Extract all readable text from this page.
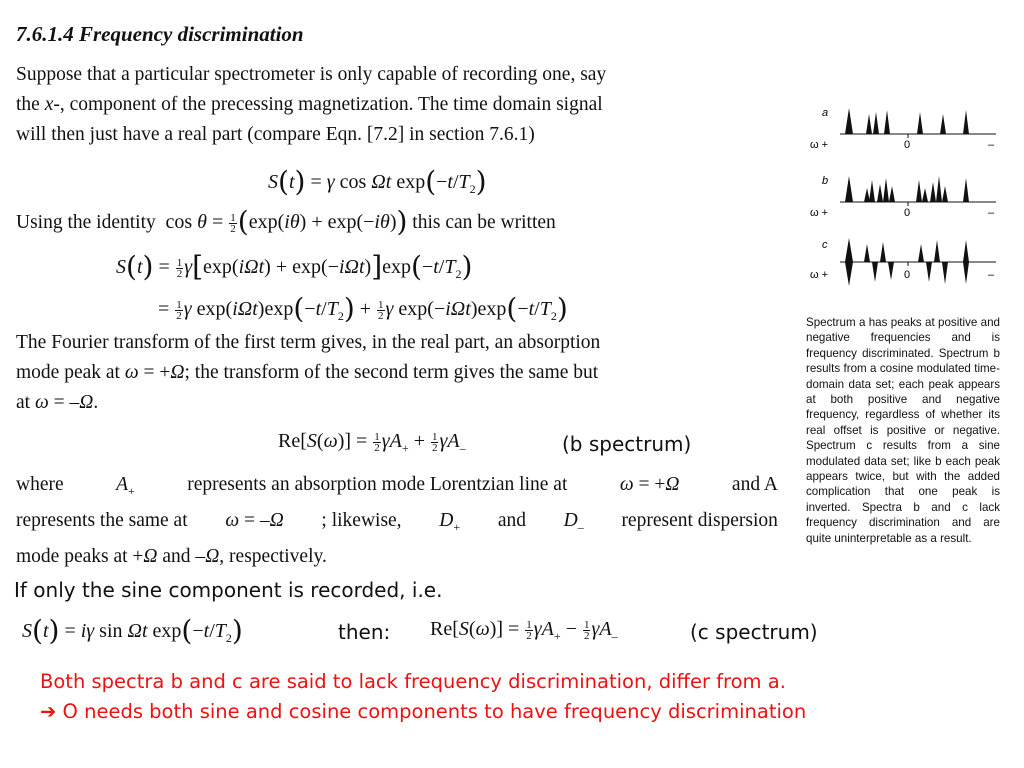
7.6.1.4 Frequency discrimination
Suppose that a particular spectrometer is only capable of recording one, say
the x-, component of the precessing magnetization. The time domain signal
will then just have a real part (compare Eqn. [7.2] in section 7.6.1)
S(t) = γ cos Ωt $\exp(-t/T_2)$
Using the identity $\cos \theta = \frac{1}{2} (\exp(i\theta) + \exp(-i\theta))$ this can be written
$S(t) = \frac{1}{2} \gamma[\exp(i\Omega t) + \exp(-i\Omega t)]\exp(-t/T_2)$
= $\frac{1}{2}$ γ $\exp(i\Omega t)\exp(-t/T_2) + \frac{1}{2}$ γ $\exp(-i\Omega t)\exp(-t/T_2)$
The Fourier transform of the first term gives, in the real part, an absorption
mode peak at ω = +Ω; the transform of the second term gives the same but
at ω = –Ω.
$Re[S(\omega)] = \frac{1}{2} \gamma A_+ + \frac{1}{2} \gamma A_-$	(b spectrum)
where	$A_+$	represents an absorption mode Lorentzian line at	ω = +Ω	and A
represents the same at ω = –Ω ; likewise, $D_+$ and $D_-$ represent dispersion
mode peaks at +Ω and –Ω, respectively.
If only the sine component is recorded, i.e.
S(t) = iγ sin Ωt $\exp(-t/T_2)$	then: $Re[S(\omega)] = \frac{1}{2} \gamma A_+ - \frac{1}{2} \gamma A_-$	(c spectrum)
Both spectra b and c are said to lack frequency discrimination, differ from a.
➔ O needs both sine and cosine components to have frequency discrimination
a
ω +	0	–
b
ω +	0	–
c
ω +	0	–
Spectrum a has peaks at positive and negative frequencies and is frequency discriminated. Spectrum b results from a cosine modulated time-domain data set; each peak appears at both positive and negative frequency, regardless of whether its real offset is positive or negative. Spectrum c results from a sine modulated data set; like b each peak appears twice, but with the added complication that one peak is inverted. Spectra b and c lack frequency discrimination and are quite uninterpretable as a result.
